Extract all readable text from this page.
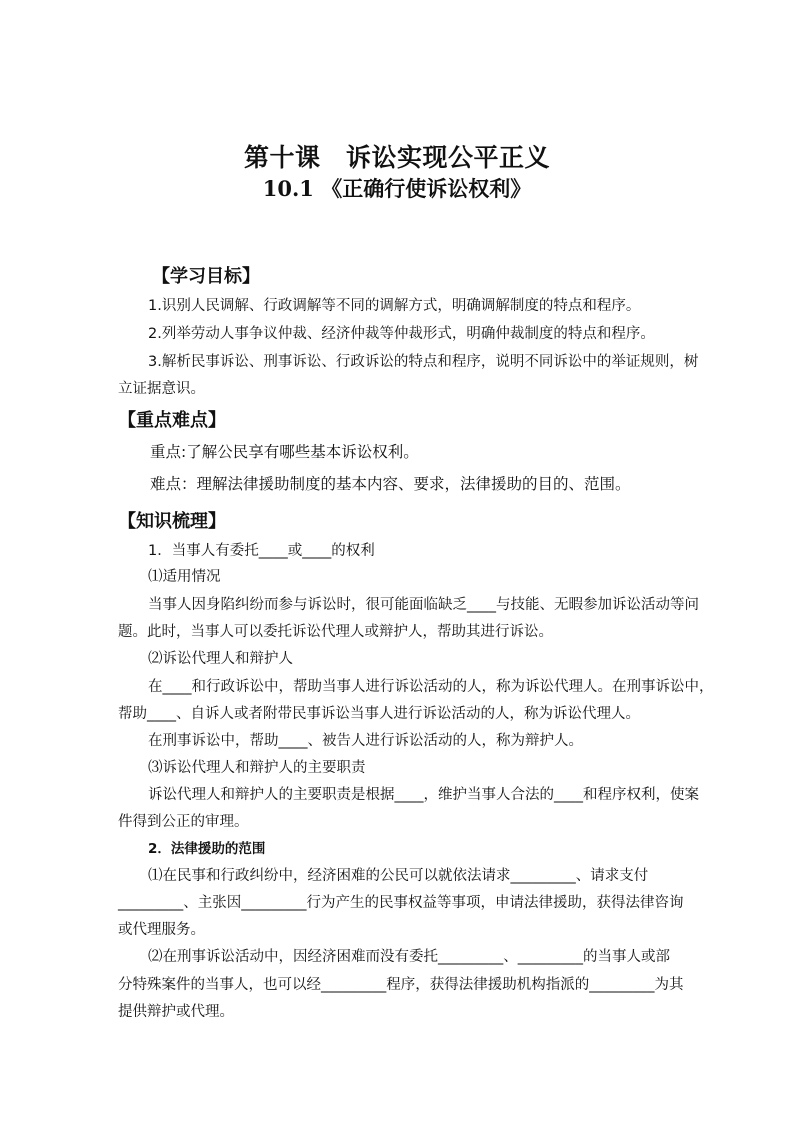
第十课　诉讼实现公平正义
10.1 《正确行使诉讼权利》
【学习目标】
1.识别人民调解、行政调解等不同的调解方式，明确调解制度的特点和程序。
2.列举劳动人事争议仲裁、经济仲裁等仲裁形式，明确仲裁制度的特点和程序。
3.解析民事诉讼、刑事诉讼、行政诉讼的特点和程序，说明不同诉讼中的举证规则，树
立证据意识。
【重点难点】
重点:了解公民享有哪些基本诉讼权利。
难点：理解法律援助制度的基本内容、要求，法律援助的目的、范围。
【知识梳理】
1．当事人有委托____或____的权利
⑴适用情况
当事人因身陷纠纷而参与诉讼时，很可能面临缺乏____与技能、无暇参加诉讼活动等问
题。此时，当事人可以委托诉讼代理人或辩护人，帮助其进行诉讼。
⑵诉讼代理人和辩护人
在____和行政诉讼中，帮助当事人进行诉讼活动的人，称为诉讼代理人。在刑事诉讼中，
帮助____、自诉人或者附带民事诉讼当事人进行诉讼活动的人，称为诉讼代理人。
在刑事诉讼中，帮助____、被告人进行诉讼活动的人，称为辩护人。
⑶诉讼代理人和辩护人的主要职责
诉讼代理人和辩护人的主要职责是根据____，维护当事人合法的____和程序权利，使案
件得到公正的审理。
2．法律援助的范围
⑴在民事和行政纠纷中，经济困难的公民可以就依法请求_________、请求支付
_________、主张因_________行为产生的民事权益等事项，申请法律援助，获得法律咨询
或代理服务。
⑵在刑事诉讼活动中，因经济困难而没有委托_________、_________的当事人或部
分特殊案件的当事人，也可以经_________程序，获得法律援助机构指派的_________为其
提供辩护或代理。
